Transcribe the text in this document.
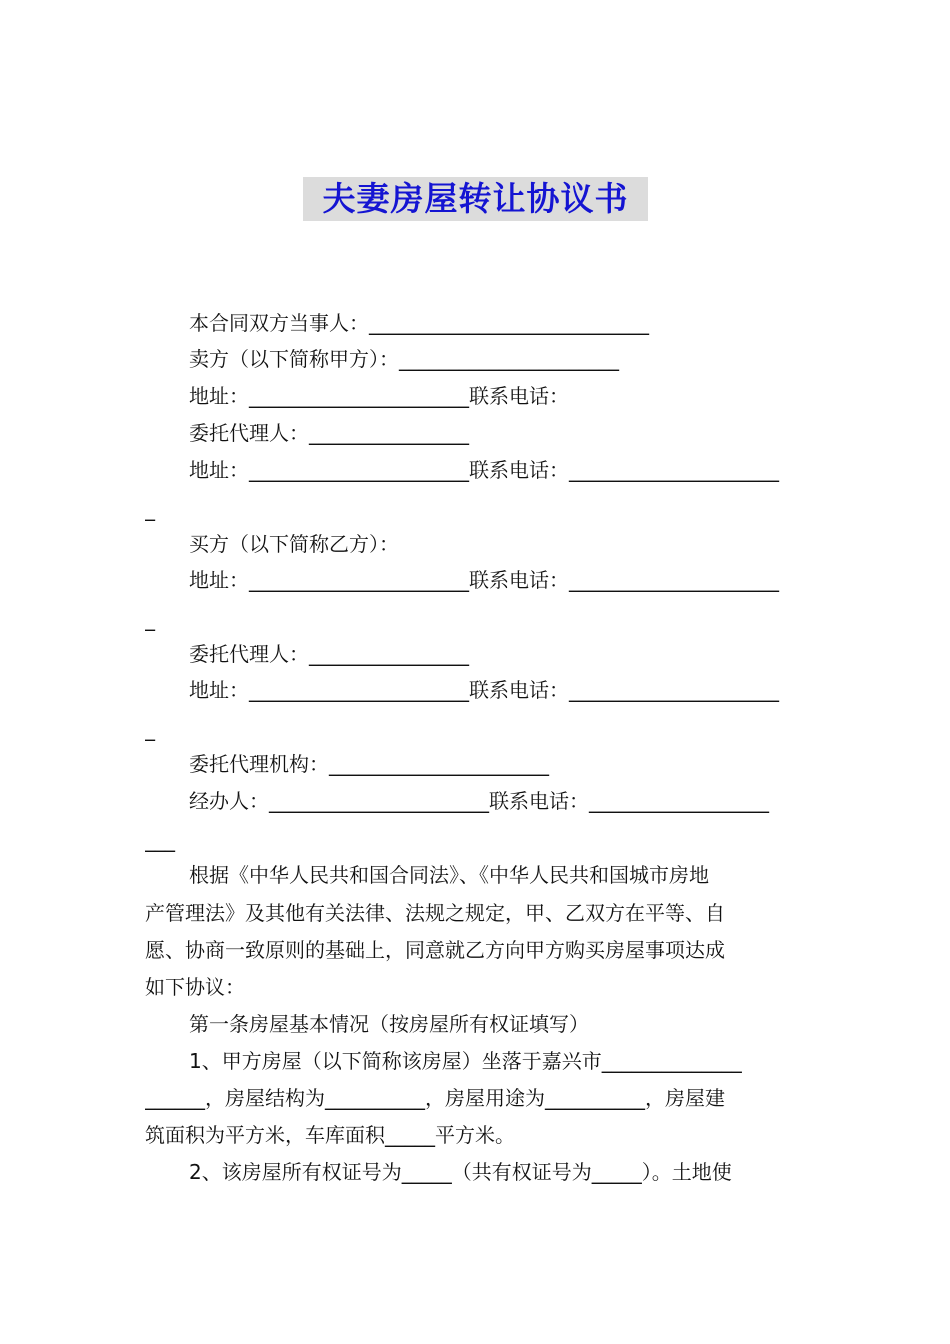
夫妻房屋转让协议书
本合同双方当事人：____________________________
卖方（以下简称甲方）：______________________
地址：______________________联系电话：
委托代理人：________________
地址：______________________联系电话：_____________________
_
买方（以下简称乙方）：
地址：______________________联系电话：_____________________
_
委托代理人：________________
地址：______________________联系电话：_____________________
_
委托代理机构：______________________
经办人：______________________联系电话：__________________
___
根据《中华人民共和国合同法》、《中华人民共和国城市房地
产管理法》及其他有关法律、法规之规定，甲、乙双方在平等、自
愿、协商一致原则的基础上，同意就乙方向甲方购买房屋事项达成
如下协议：
第一条房屋基本情况（按房屋所有权证填写）
1、甲方房屋（以下简称该房屋）坐落于嘉兴市______________
______，房屋结构为__________，房屋用途为__________，房屋建
筑面积为平方米，车库面积_____平方米。
2、该房屋所有权证号为_____（共有权证号为_____）。土地使
